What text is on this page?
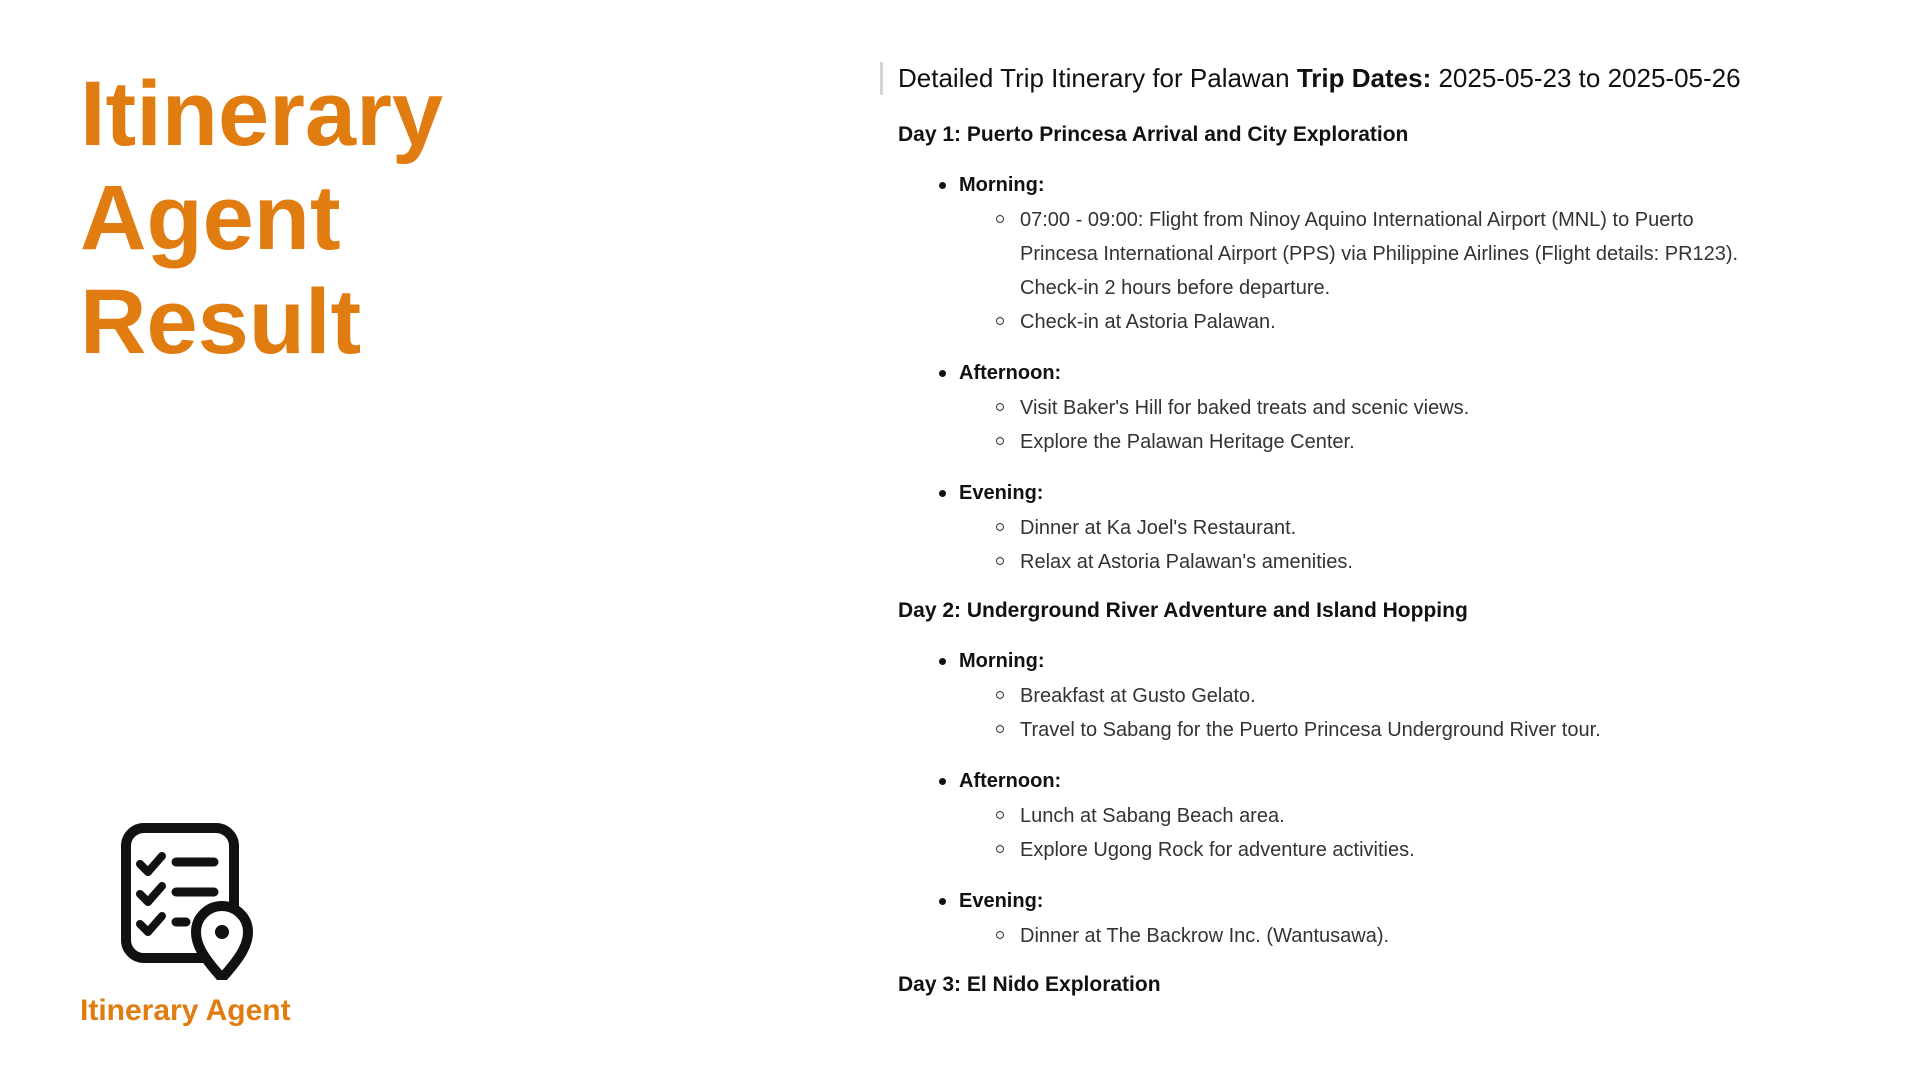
Itinerary
Agent
Result
Itinerary Agent
Detailed Trip Itinerary for Palawan Trip Dates: 2025-05-23 to 2025-05-26
Day 1: Puerto Princesa Arrival and City Exploration
Morning:
07:00 - 09:00: Flight from Ninoy Aquino International Airport (MNL) to Puerto Princesa International Airport (PPS) via Philippine Airlines (Flight details: PR123). Check-in 2 hours before departure.
Check-in at Astoria Palawan.
Afternoon:
Visit Baker's Hill for baked treats and scenic views.
Explore the Palawan Heritage Center.
Evening:
Dinner at Ka Joel's Restaurant.
Relax at Astoria Palawan's amenities.
Day 2: Underground River Adventure and Island Hopping
Morning:
Breakfast at Gusto Gelato.
Travel to Sabang for the Puerto Princesa Underground River tour.
Afternoon:
Lunch at Sabang Beach area.
Explore Ugong Rock for adventure activities.
Evening:
Dinner at The Backrow Inc. (Wantusawa).
Day 3: El Nido Exploration
